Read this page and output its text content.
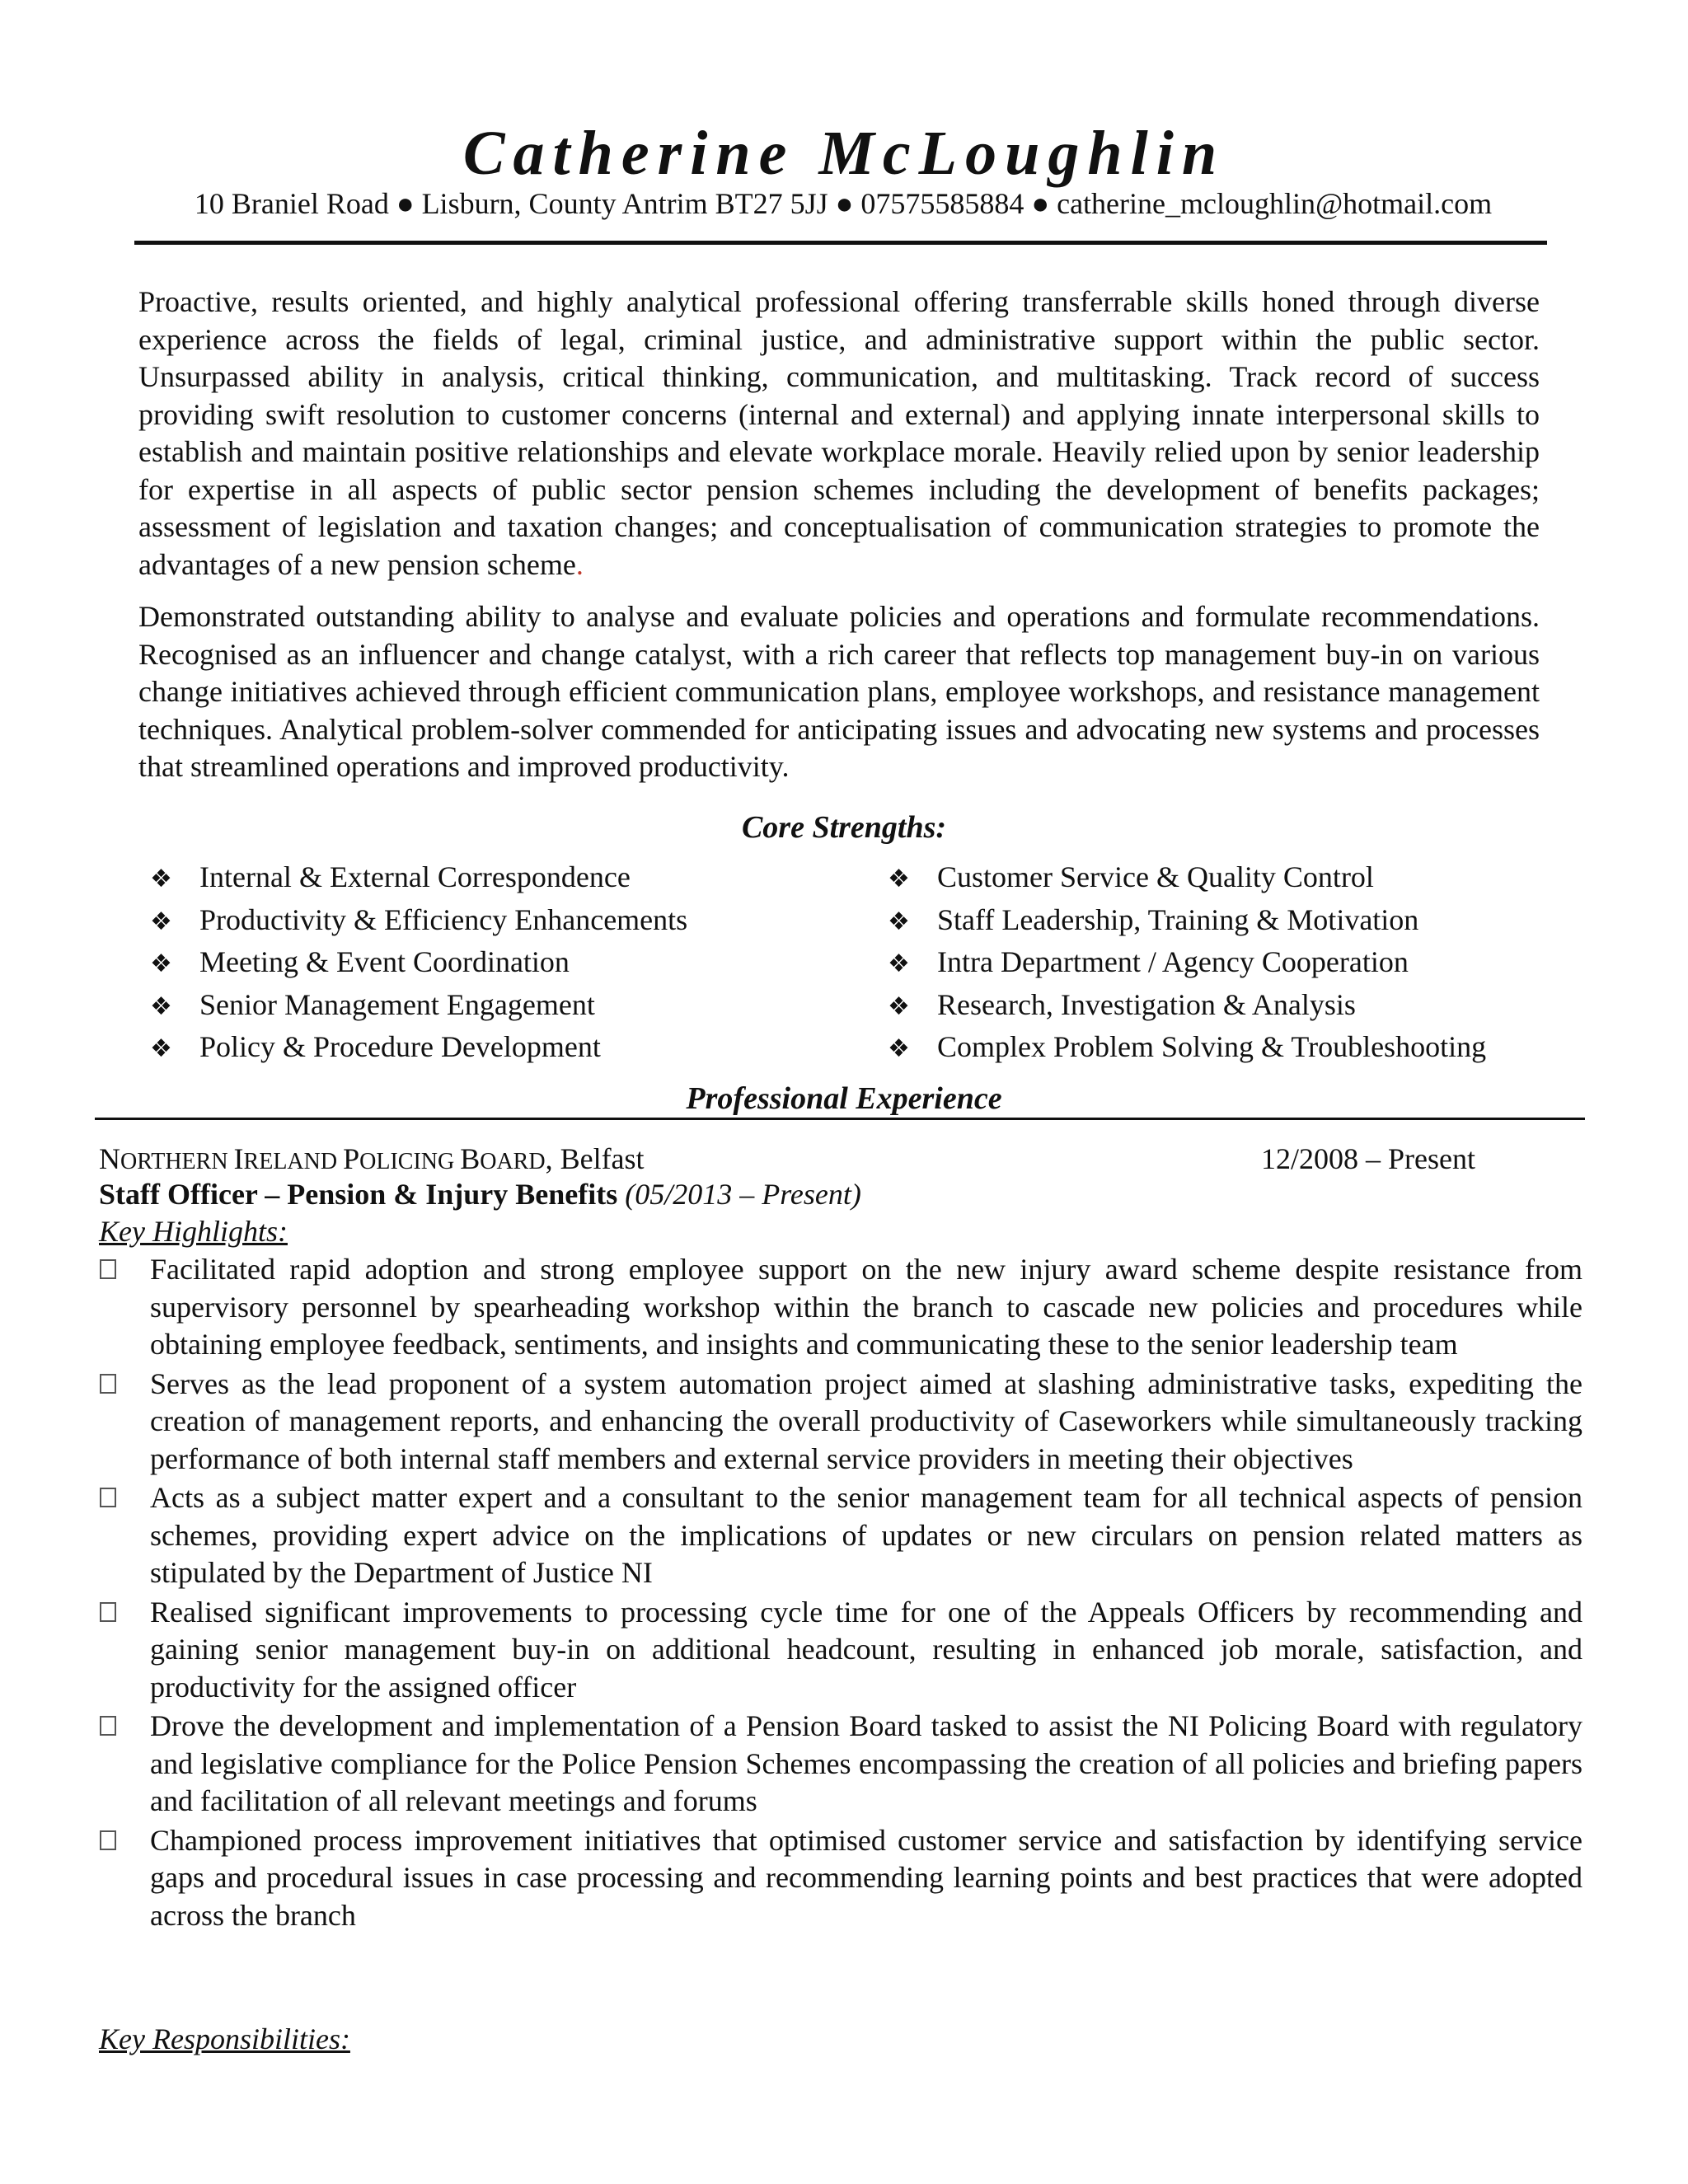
Catherine McLoughlin
10 Braniel Road ● Lisburn, County Antrim BT27 5JJ ● 07575585884 ● catherine_mcloughlin@hotmail.com

Proactive, results oriented, and highly analytical professional offering transferrable skills honed through diverse experience across the fields of legal, criminal justice, and administrative support within the public sector. Unsurpassed ability in analysis, critical thinking, communication, and multitasking. Track record of success providing swift resolution to customer concerns (internal and external) and applying innate interpersonal skills to establish and maintain positive relationships and elevate workplace morale. Heavily relied upon by senior leadership for expertise in all aspects of public sector pension schemes including the development of benefits packages; assessment of legislation and taxation changes; and conceptualisation of communication strategies to promote the advantages of a new pension scheme.

Demonstrated outstanding ability to analyse and evaluate policies and operations and formulate recommendations. Recognised as an influencer and change catalyst, with a rich career that reflects top management buy-in on various change initiatives achieved through efficient communication plans, employee workshops, and resistance management techniques. Analytical problem-solver commended for anticipating issues and advocating new systems and processes that streamlined operations and improved productivity.

Core Strengths:
❖ Internal & External Correspondence
❖ Productivity & Efficiency Enhancements
❖ Meeting & Event Coordination
❖ Senior Management Engagement
❖ Policy & Procedure Development
❖ Customer Service & Quality Control
❖ Staff Leadership, Training & Motivation
❖ Intra Department / Agency Cooperation
❖ Research, Investigation & Analysis
❖ Complex Problem Solving & Troubleshooting
Professional Experience
NORTHERN IRELAND POLICING BOARD, Belfast	12/2008 – Present
Staff Officer – Pension & Injury Benefits (05/2013 – Present)
Key Highlights:
Facilitated rapid adoption and strong employee support on the new injury award scheme despite resistance from supervisory personnel by spearheading workshop within the branch to cascade new policies and procedures while obtaining employee feedback, sentiments, and insights and communicating these to the senior leadership team
Serves as the lead proponent of a system automation project aimed at slashing administrative tasks, expediting the creation of management reports, and enhancing the overall productivity of Caseworkers while simultaneously tracking performance of both internal staff members and external service providers in meeting their objectives
Acts as a subject matter expert and a consultant to the senior management team for all technical aspects of pension schemes, providing expert advice on the implications of updates or new circulars on pension related matters as stipulated by the Department of Justice NI
Realised significant improvements to processing cycle time for one of the Appeals Officers by recommending and gaining senior management buy-in on additional headcount, resulting in enhanced job morale, satisfaction, and productivity for the assigned officer
Drove the development and implementation of a Pension Board tasked to assist the NI Policing Board with regulatory and legislative compliance for the Police Pension Schemes encompassing the creation of all policies and briefing papers and facilitation of all relevant meetings and forums
Championed process improvement initiatives that optimised customer service and satisfaction by identifying service gaps and procedural issues in case processing and recommending learning points and best practices that were adopted across the branch
Key Responsibilities:
